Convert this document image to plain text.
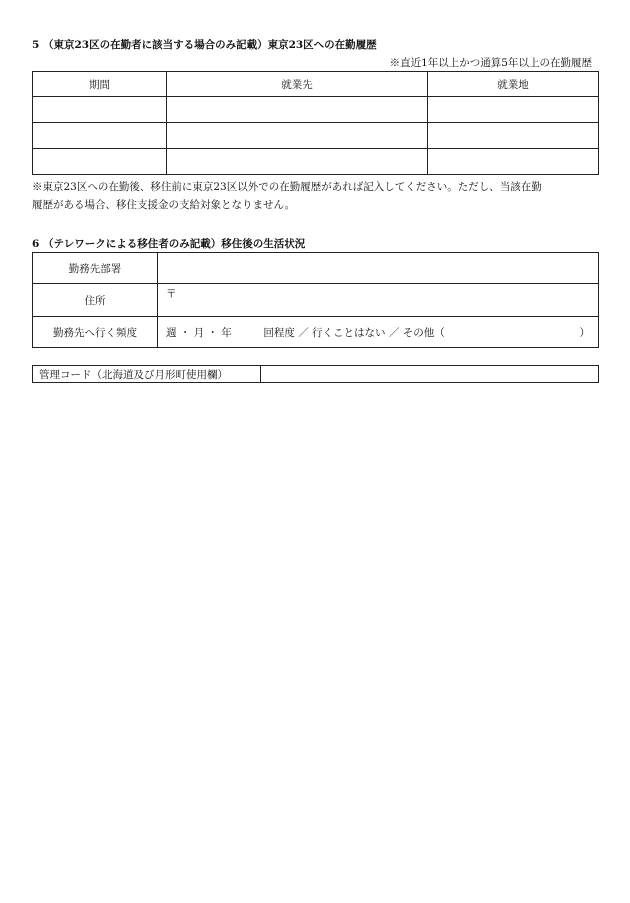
5 （東京23区の在勤者に該当する場合のみ記載）東京23区への在勤履歴
※直近1年以上かつ通算5年以上の在勤履歴
期間	就業先	就業地

※東京23区への在勤後、移住前に東京23区以外での在勤履歴があれば記入してください。ただし、当該在勤
履歴がある場合、移住支援金の支給対象となりません。
6 （テレワークによる移住者のみ記載）移住後の生活状況
勤務先部署	
住所	〒
勤務先へ行く頻度	週 ・ 月 ・ 年　　　回程度 ／ 行くことはない ／ その他（ ）
管理コード（北海道及び月形町使用欄）	
